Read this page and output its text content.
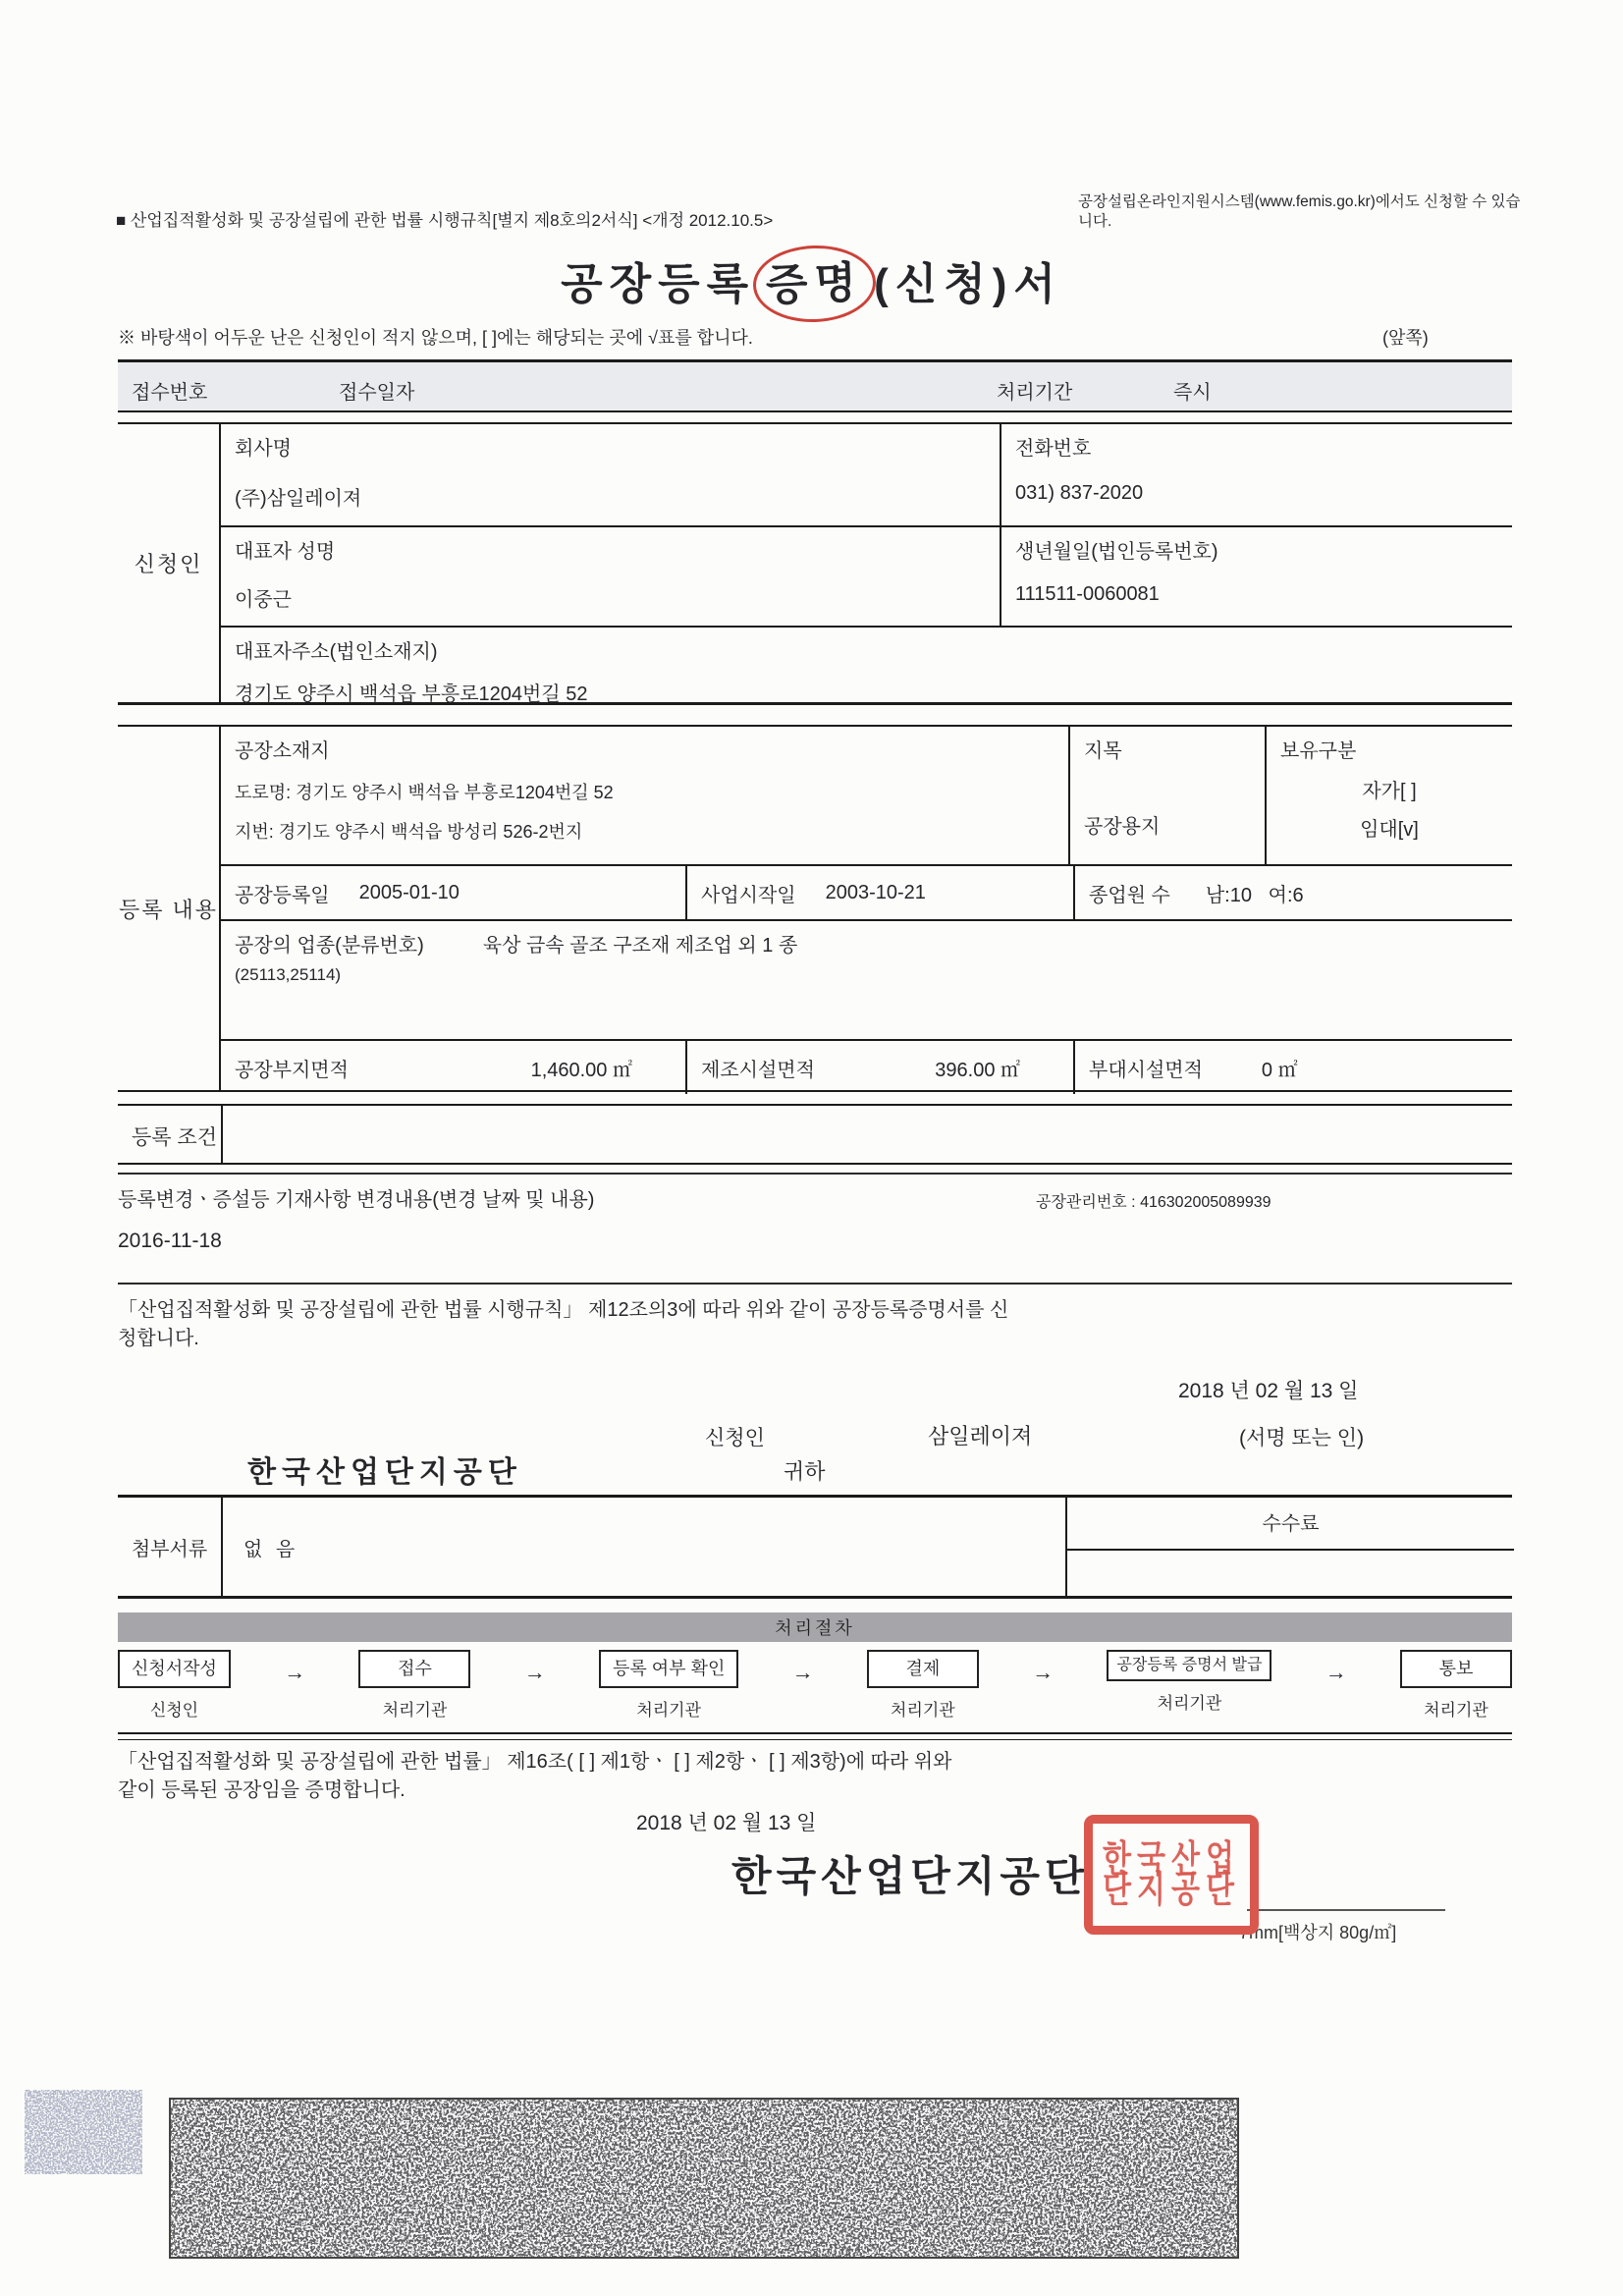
■ 산업집적활성화 및 공장설립에 관한 법률 시행규칙[별지 제8호의2서식] <개정 2012.10.5>
공장설립온라인지원시스템(www.femis.go.kr)에서도 신청할 수 있습니다.
공장등록 증명 (신청)서
※ 바탕색이 어두운 난은 신청인이 적지 않으며, [ ]에는 해당되는 곳에 √표를 합니다.	(앞쪽)
접수번호	접수일자	처리기간	즉시
신청인
회사명
(주)삼일레이져
전화번호
031) 837-2020
대표자 성명
이중근
생년월일(법인등록번호)
111511-0060081
대표자주소(법인소재지)
경기도 양주시 백석읍 부흥로1204번길 52
등록 내용
공장소재지
도로명: 경기도 양주시 백석읍 부흥로1204번길 52
지번: 경기도 양주시 백석읍 방성리 526-2번지
지목
공장용지
보유구분
자가[ ]
임대[v]
공장등록일 2005-01-10	사업시작일 2003-10-21	종업원 수 남:10   여:6
공장의 업종(분류번호)	육상 금속 골조 구조재 제조업 외 1 종
(25113,25114)
공장부지면적	1,460.00 ㎡	제조시설면적	396.00 ㎡	부대시설면적	0 ㎡
등록 조건
등록변경ㆍ증설등 기재사항 변경내용(변경 날짜 및 내용)	공장관리번호 : 416302005089939
2016-11-18
「산업집적활성화 및 공장설립에 관한 법률 시행규칙」 제12조의3에 따라 위와 같이 공장등록증명서를 신
청합니다.
2018 년 02 월 13 일
신청인	삼일레이져	(서명 또는 인)
한국산업단지공단	귀하
첨부서류	없 음
수수료
처리절차
신청서작성
신청인
→	접수
처리기관
→	등록 여부 확인
처리기관
→	결제
처리기관
→	공장등록 증명서 발급
처리기관
→	통보
처리기관
「산업집적활성화 및 공장설립에 관한 법률」 제16조( [ ] 제1항ㆍ [ ] 제2항ㆍ [ ] 제3항)에 따라 위와
같이 등록된 공장임을 증명합니다.
2018 년 02 월 13 일
한국산업단지공단 한국산업
단지공단
7mm[백상지 80g/㎡]
